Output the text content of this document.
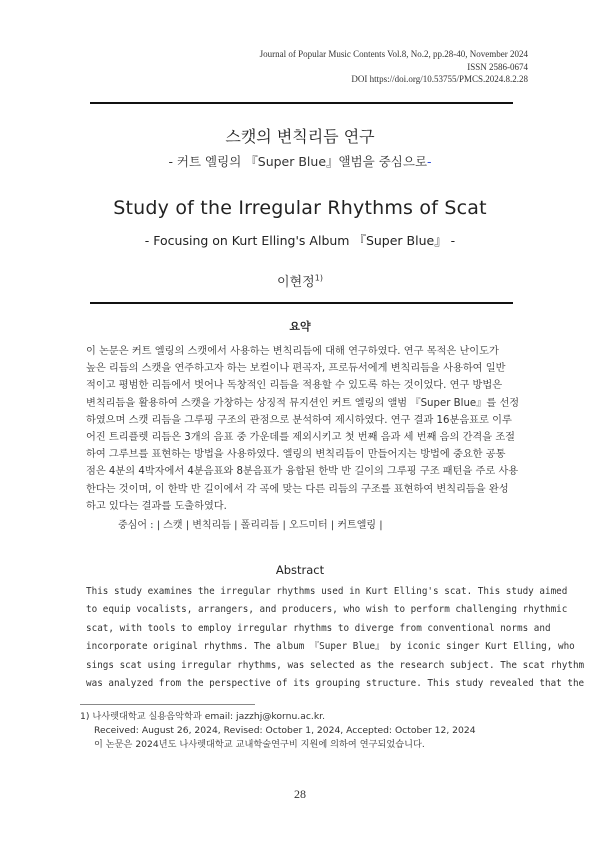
Journal of Popular Music Contents Vol.8, No.2, pp.28-40, November 2024
ISSN 2586-0674
DOI https://doi.org/10.53755/PMCS.2024.8.2.28
스캣의 변칙리듬 연구
- 커트 엘링의 『Super Blue』앨범을 중심으로-
Study of the Irregular Rhythms of Scat
- Focusing on Kurt Elling's Album 『Super Blue』 -
이현정$^{1)}$
요약
이 논문은 커트 엘링의 스캣에서 사용하는 변칙리듬에 대해 연구하였다. 연구 목적은 난이도가
높은 리듬의 스캣을 연주하고자 하는 보컬이나 편곡자, 프로듀서에게 변칙리듬을 사용하여 일반
적이고 평범한 리듬에서 벗어나 독창적인 리듬을 적용할 수 있도록 하는 것이었다. 연구 방법은
변칙리듬을 활용하여 스캣을 가창하는 상징적 뮤지션인 커트 엘링의 앨범 『Super Blue』를 선정
하였으며 스캣 리듬을 그루핑 구조의 관점으로 분석하여 제시하였다. 연구 결과 16분음표로 이루
어진 트리플렛 리듬은 3개의 음표 중 가운데를 제외시키고 첫 번째 음과 세 번째 음의 간격을 조절
하여 그루브를 표현하는 방법을 사용하였다. 엘링의 변칙리듬이 만들어지는 방법에 중요한 공통
점은 4분의 4박자에서 4분음표와 8분음표가 융합된 한박 반 길이의 그루핑 구조 패턴을 주로 사용
한다는 것이며, 이 한박 반 길이에서 각 곡에 맞는 다른 리듬의 구조를 표현하여 변칙리듬을 완성
하고 있다는 결과를 도출하였다.
중심어 : | 스캣 | 변칙리듬 | 폴리리듬 | 오드미터 | 커트엘링 |
Abstract
This study examines the irregular rhythms used in Kurt Elling's scat. This study aimed
to equip vocalists, arrangers, and producers, who wish to perform challenging rhythmic
scat, with tools to employ irregular rhythms to diverge from conventional norms and
incorporate original rhythms. The album 『Super Blue』 by iconic singer Kurt Elling, who
sings scat using irregular rhythms, was selected as the research subject. The scat rhythm
was analyzed from the perspective of its grouping structure. This study revealed that the
1) 나사렛대학교 실용음악학과 email: jazzhj@kornu.ac.kr.
Received: August 26, 2024, Revised: October 1, 2024, Accepted: October 12, 2024
이 논문은 2024년도 나사렛대학교 교내학술연구비 지원에 의하여 연구되었습니다.
28
